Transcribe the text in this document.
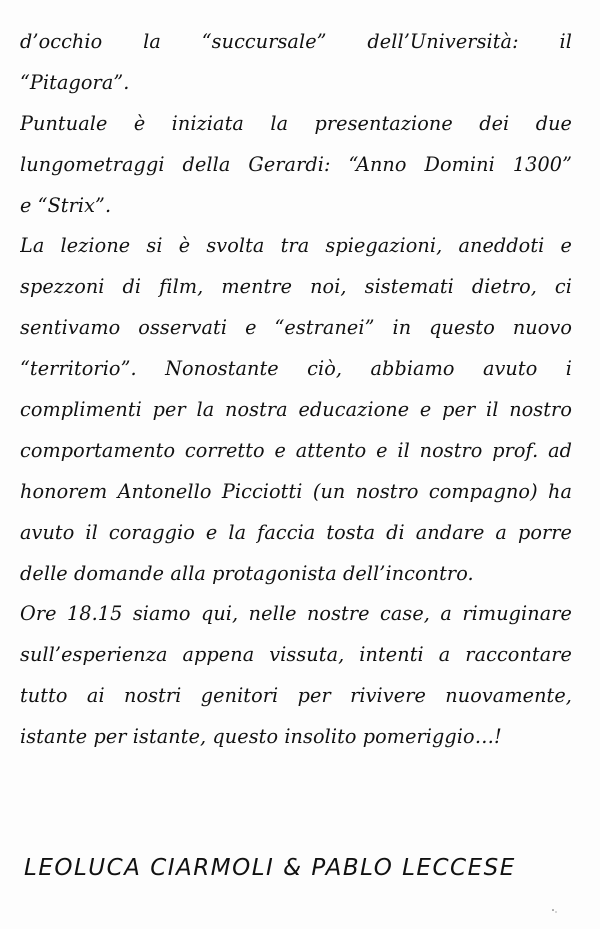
d’occhio la “succursale” dell’Università: il
“Pitagora”.
Puntuale è iniziata la presentazione dei due
lungometraggi della Gerardi: “Anno Domini 1300”
e “Strix”.
La lezione si è svolta tra spiegazioni, aneddoti e
spezzoni di film, mentre noi, sistemati dietro, ci
sentivamo osservati e “estranei” in questo nuovo
“territorio”. Nonostante ciò, abbiamo avuto i
complimenti per la nostra educazione e per il nostro
comportamento corretto e attento e il nostro prof. ad
honorem Antonello Picciotti (un nostro compagno) ha
avuto il coraggio e la faccia tosta di andare a porre
delle domande alla protagonista dell’incontro.
Ore 18.15 siamo qui, nelle nostre case, a rimuginare
sull’esperienza appena vissuta, intenti a raccontare
tutto ai nostri genitori per rivivere nuovamente,
istante per istante, questo insolito pomeriggio…!
LEOLUCA CIARMOLI & PABLO LECCESE
